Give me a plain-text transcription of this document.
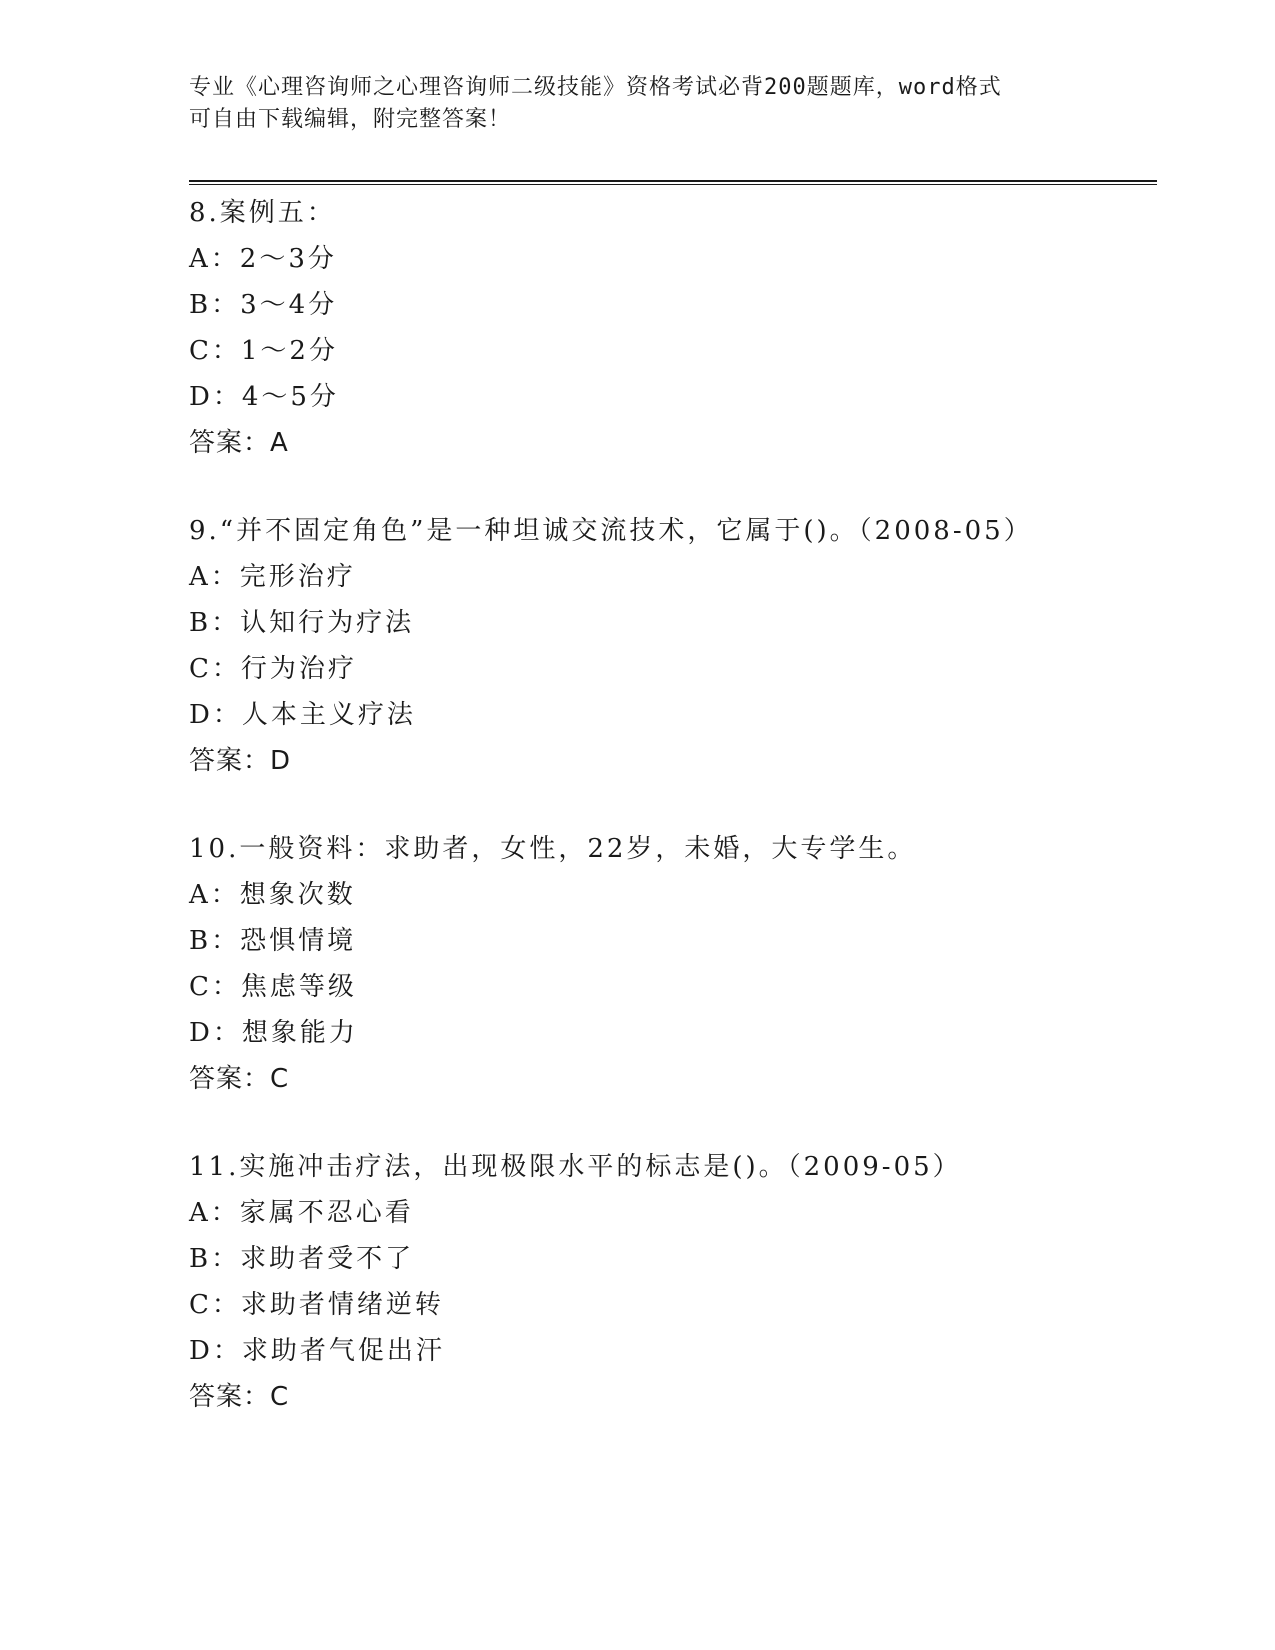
专业《心理咨询师之心理咨询师二级技能》资格考试必背200题题库，word格式
可自由下载编辑，附完整答案！
8.案例五：
A：2～3分
B：3～4分
C：1～2分
D：4～5分
答案：A
9.“并不固定角色”是一种坦诚交流技术，它属于()。（2008-05）
A：完形治疗
B：认知行为疗法
C：行为治疗
D：人本主义疗法
答案：D
10.一般资料：求助者，女性，22岁，未婚，大专学生。
A：想象次数
B：恐惧情境
C：焦虑等级
D：想象能力
答案：C
11.实施冲击疗法，出现极限水平的标志是()。（2009-05）
A：家属不忍心看
B：求助者受不了
C：求助者情绪逆转
D：求助者气促出汗
答案：C
